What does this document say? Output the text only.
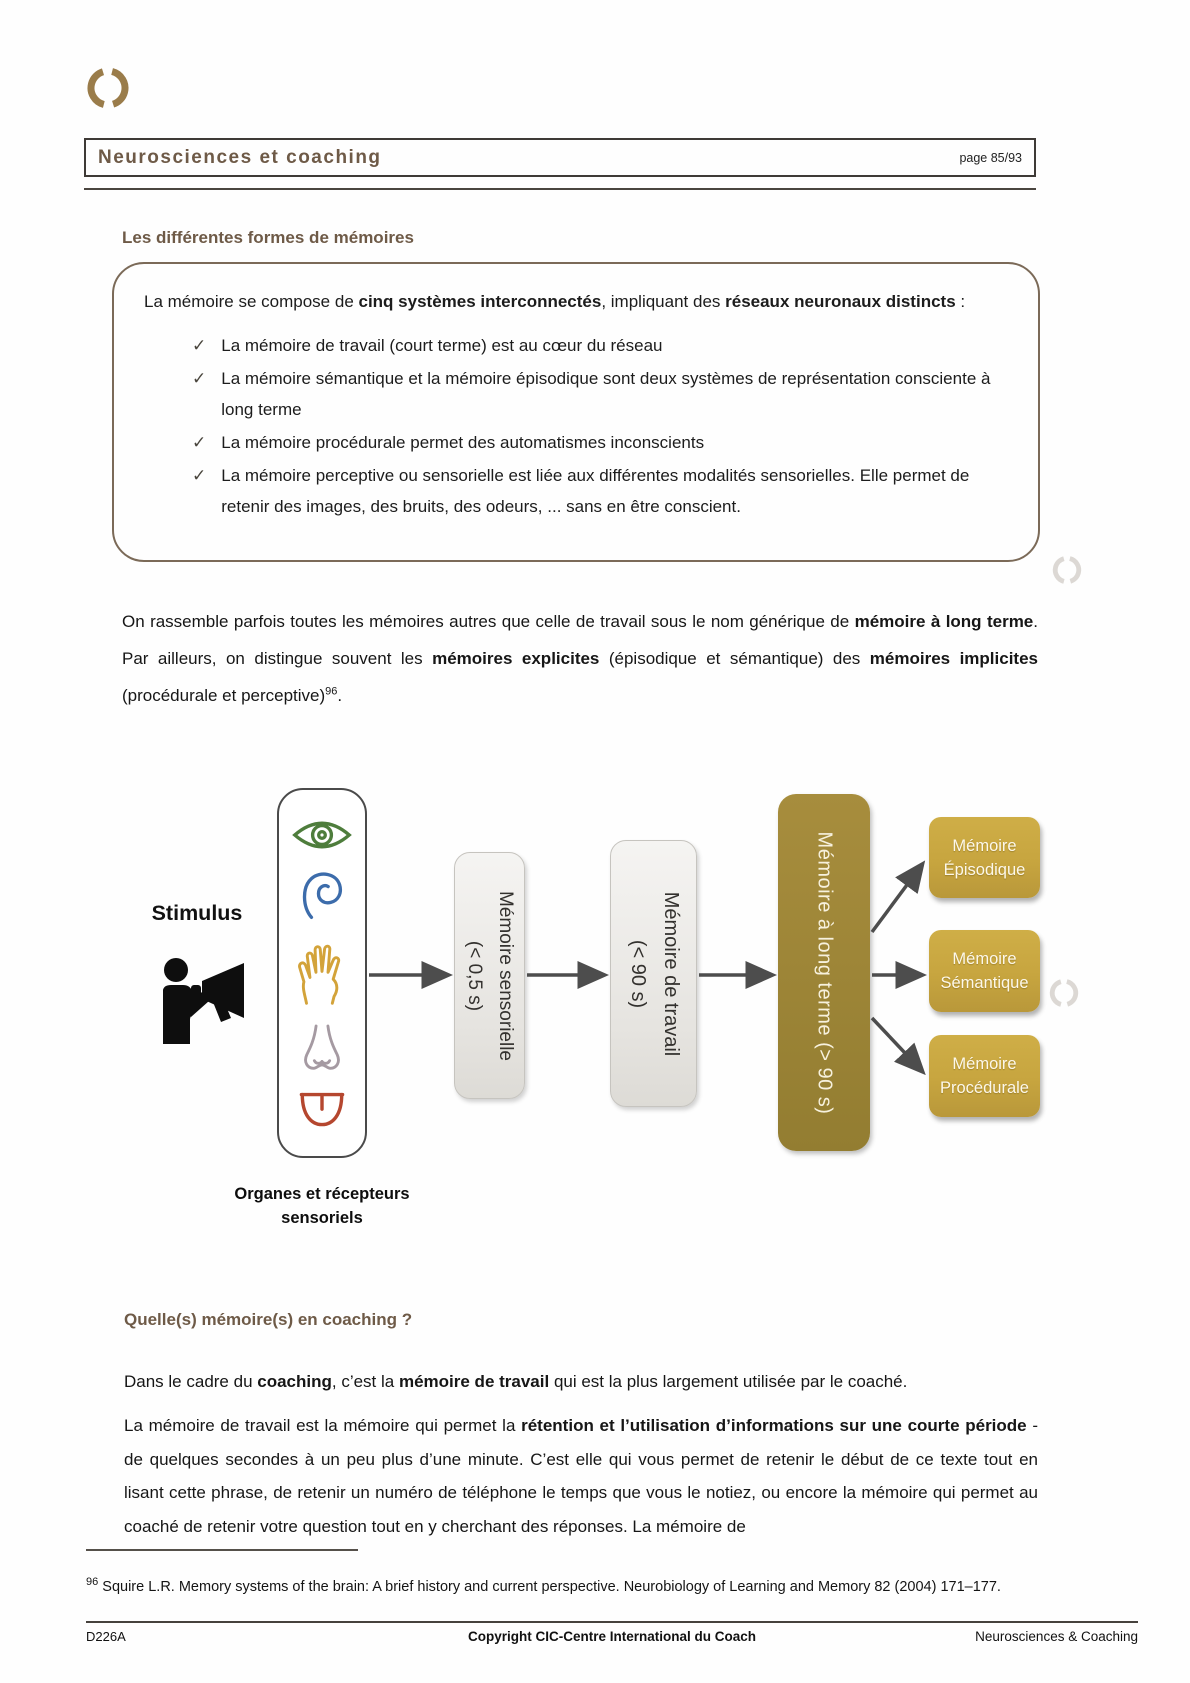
Neurosciences et coaching	page 85/93
Les différentes formes de mémoires

La mémoire se compose de cinq systèmes interconnectés, impliquant des réseaux neuronaux distincts :

✓ La mémoire de travail (court terme) est au cœur du réseau
✓ La mémoire sémantique et la mémoire épisodique sont deux systèmes de représentation consciente à long terme
✓ La mémoire procédurale permet des automatismes inconscients
✓ La mémoire perceptive ou sensorielle est liée aux différentes modalités sensorielles. Elle permet de retenir des images, des bruits, des odeurs, ... sans en être conscient.

On rassemble parfois toutes les mémoires autres que celle de travail sous le nom générique de mémoire à long terme. Par ailleurs, on distingue souvent les mémoires explicites (épisodique et sémantique) des mémoires implicites (procédurale et perceptive)$^{96}$.

Stimulus
Organes et récepteurs
sensoriels
Mémoire sensorielle
(< 0,5 s)	Mémoire de travail
(< 90 s)	Mémoire à long terme (> 90 s)	Mémoire
Épisodique
Mémoire
Sémantique
Mémoire
Procédurale
Quelle(s) mémoire(s) en coaching ?

Dans le cadre du coaching, c’est la mémoire de travail qui est la plus largement utilisée par le coaché.

La mémoire de travail est la mémoire qui permet la rétention et l’utilisation d’informations sur une courte période - de quelques secondes à un peu plus d’une minute. C’est elle qui vous permet de retenir le début de ce texte tout en lisant cette phrase, de retenir un numéro de téléphone le temps que vous le notiez, ou encore la mémoire qui permet au coaché de retenir votre question tout en y cherchant des réponses. La mémoire de

$^{96}$ Squire L.R. Memory systems of the brain: A brief history and current perspective. Neurobiology of Learning and Memory 82 (2004) 171–177.

D226A	Copyright CIC-Centre International du Coach	Neurosciences & Coaching
